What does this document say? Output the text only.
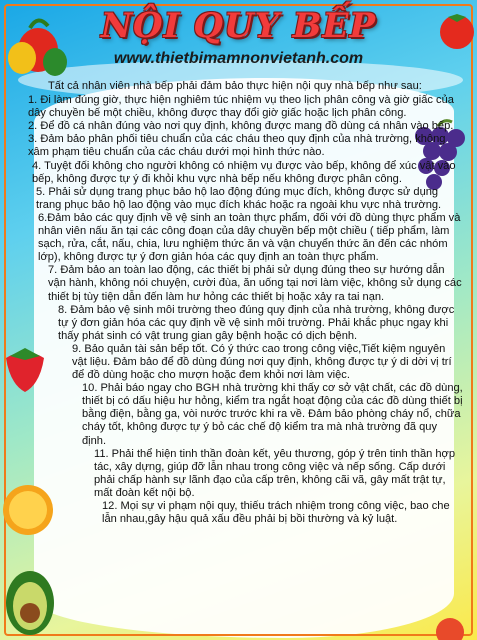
NỘI QUY BẾP
www.thietbimamnonvietanh.com
Tất cả nhân viên nhà bếp phải đảm bảo thực hiện nội quy nhà bếp như sau:
1. Đi làm đúng giờ, thực hiện nghiêm túc nhiệm vụ theo lịch phân công và giờ giấc của dây chuyền bế một chiều, không được thay đổi giờ giấc hoặc lịch phân công.
2. Để đồ cá nhân đúng vào nơi quy định, không được mang đồ dùng cá nhân vào bếp.
3. Đảm bảo phân phối tiêu chuẩn của các cháu theo quy định của nhà trường, không xâm phạm tiêu chuẩn của các cháu dưới mọi hình thức nào.
4. Tuyệt đối không cho người không có nhiệm vụ được vào bếp, không để xúc vật vào bếp, không được tự ý đi khỏi khu vực nhà bếp nếu không được phân công.
5. Phải sử dụng trang phục bảo hộ lao động đúng mục đích, không được sử dụng trang phục bảo hộ lao động vào mục đích khác hoặc ra ngoài khu vực nhà trường.
6.Đảm bảo các quy định về vệ sinh an toàn thực phẩm, đối với đồ dùng thực phẩm và nhân viên nấu ăn tại các công đoạn của dây chuyền bếp một chiều ( tiếp phẩm, làm sạch, rửa, cắt, nấu, chia, lưu nghiệm thức ăn và vận chuyển thức ăn đến các nhóm lớp), không được tự ý đơn giản hóa các quy định an toàn thực phẩm.
7. Đảm bảo an toàn lao động, các thiết bị phải sử dụng đúng theo sự hướng dẫn vận hành, không nói chuyện, cười đùa, ăn uống tại nơi làm việc, không sử dụng các thiết bị tùy tiện dẫn đến làm hư hỏng các thiết bị hoặc xảy ra tai nạn.
8. Đảm bảo vệ sinh môi trường theo đúng quy định của nhà trường, không được tự ý đơn giản hóa các quy định về vệ sinh môi trường. Phải khắc phục ngay khi thấy phát sinh có vật trung gian gây bệnh hoặc có dịch bệnh.
9. Bảo quản tài sản bếp tốt. Có ý thức cao trong công việc,Tiết kiệm nguyên vật liệu. Đảm bảo để đồ dùng đúng nơi quy định, không được tự ý di dời vị trí để đồ dùng hoặc cho mượn hoặc đem khỏi nơi làm việc.
10. Phải báo ngay cho BGH nhà trường khi thấy cơ sở vật chất, các đồ dùng, thiết bị có dấu hiệu hư hỏng, kiểm tra ngắt hoạt động của các đồ dùng thiết bị bằng điện, bằng ga, vòi nước trước khi ra về. Đảm bảo phòng cháy nổ, chữa cháy tốt, không được tự ý bỏ các chế độ kiểm tra mà nhà trường đã quy định.
11. Phải thể hiện tinh thần đoàn kết, yêu thương, góp ý trên tinh thần hợp tác, xây dựng, giúp đỡ lẫn nhau trong công việc và nếp sống. Cấp dưới phải chấp hành sự lãnh đạo của cấp trên, không cãi vã, gây mất trật tự, mất đoàn kết nội bộ.
12. Mọi sự vi phạm nội quy, thiếu trách nhiệm trong công việc, bao che lẫn nhau,gây hậu quả xấu đều phải bị bồi thường và kỷ luật.
